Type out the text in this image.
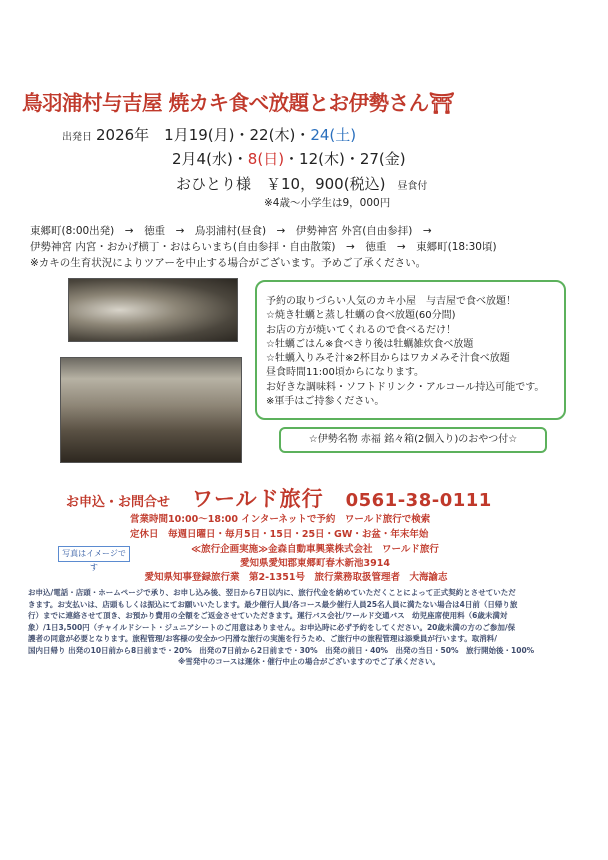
鳥羽浦村与吉屋 焼カキ食べ放題とお伊勢さん⛩
出発日 2026年　1月19(月)・22(木)・24(土)
2月4(水)・8(日)・12(木)・27(金)
おひとり様　￥10，900(税込) 昼食付
※4歳～小学生は9，000円
東郷町(8:00出発)　→　徳重　→　鳥羽浦村(昼食)　→　伊勢神宮 外宮(自由参拝)　→
伊勢神宮 内宮・おかげ横丁・おはらいまち(自由参拝・自由散策)　→　徳重　→　東郷町(18:30頃)
※カキの生育状況によりツアーを中止する場合がございます。予めご了承ください。
予約の取りづらい人気のカキ小屋　与吉屋で食べ放題！
☆焼き牡蠣と蒸し牡蠣の食べ放題(60分間)
お店の方が焼いてくれるので食べるだけ！
☆牡蠣ごはん※食べきり後は牡蠣雑炊食べ放題
☆牡蠣入りみそ汁※2杯目からはワカメみそ汁食べ放題
昼食時間11:00頃からになります。
お好きな調味料・ソフトドリンク・アルコール持込可能です。
※軍手はご持参ください。
☆伊勢名物 赤福 銘々箱(2個入り)のおやつ付☆
お申込・お問合せ ワールド旅行 0561-38-0111
営業時間10:00～18:00 インターネットで予約　ワールド旅行で検索
定休日　毎週日曜日・毎月5日・15日・25日・GW・お盆・年末年始
写真はイメージです
≪旅行企画実施≫金森自動車興業株式会社　ワールド旅行
愛知県愛知郡東郷町春木新池3914
愛知県知事登録旅行業　第2-1351号　旅行業務取扱管理者　大海諭志
お申込/電話・店頭・ホームページで承り、お申し込み後、翌日から7日以内に、旅行代金を納めていただくことによって正式契約とさせていただ
きます。お支払いは、店頭もしくは振込にてお願いいたします。最少催行人員/各コース最少催行人員25名人員に満たない場合は4日前（日帰り旅
行）までに連絡させて頂き、お預かり費用の全額をご返金させていただきます。運行バス会社/ワールド交通バス　幼児座席使用料（6歳未満対
象）/1日3,500円（チャイルドシート・ジュニアシートのご用意はありません。お申込時に必ず予約をしてください。20歳未満の方のご参加/保
護者の同意が必要となります。旅程管理/お客様の安全かつ円滑な旅行の実施を行うため、ご旅行中の旅程管理は添乗員が行います。取消料/
国内日帰り 出発の10日前から8日前まで・20%　出発の7日前から2日前まで・30%　出発の前日・40%　出発の当日・50%　旅行開始後・100%
※雪発中のコースは運休・催行中止の場合がございますのでご了承ください。
